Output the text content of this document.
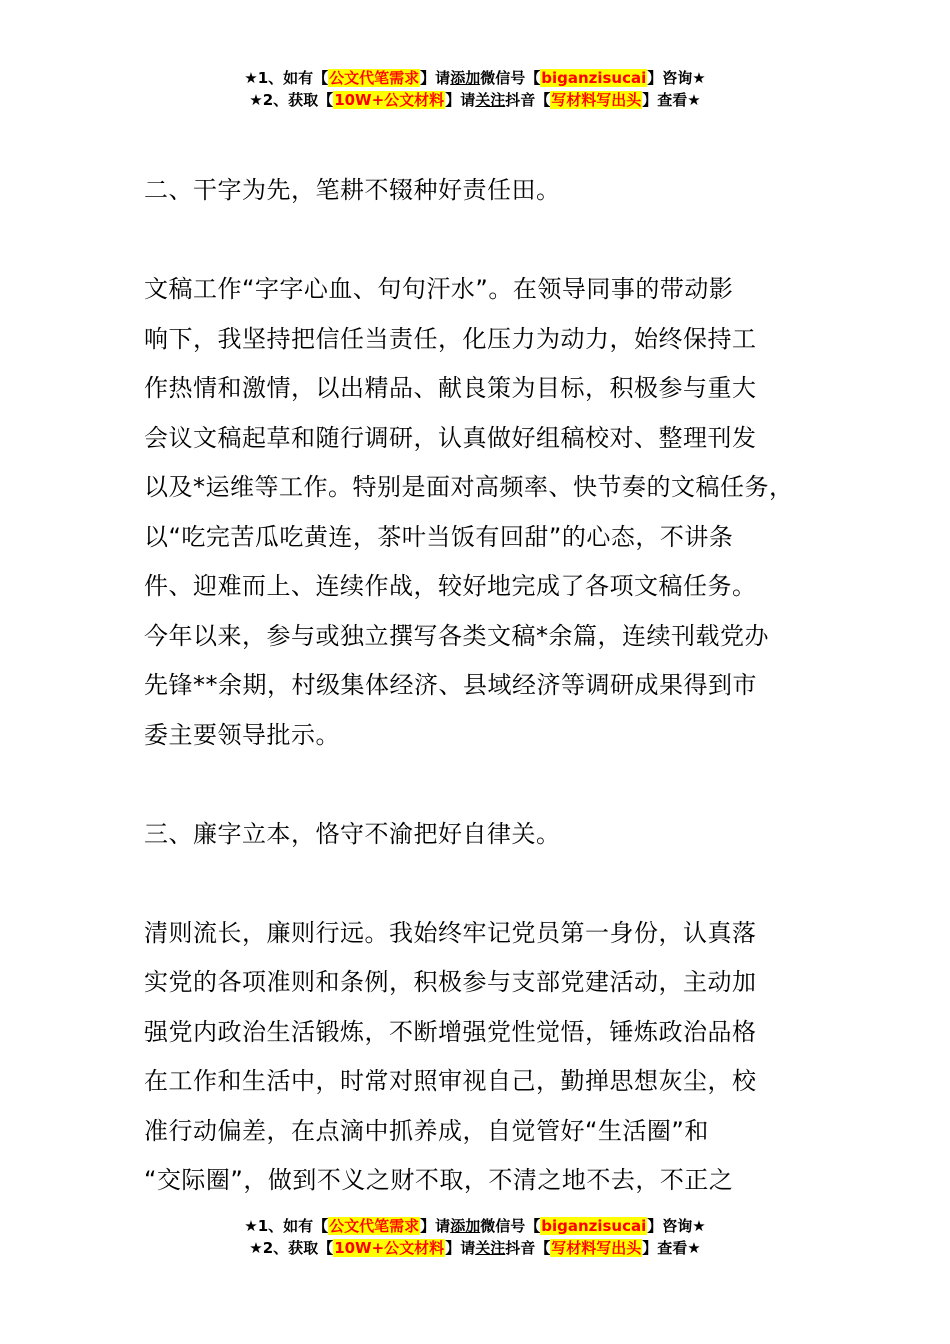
★1、如有【公文代笔需求】请添加微信号【biganzisucai】咨询★
★2、获取【10W+公文材料】请关注抖音【写材料写出头】查看★

二、干字为先，笔耕不辍种好责任田。

文稿工作“字字心血、句句汗水”。在领导同事的带动影
响下，我坚持把信任当责任，化压力为动力，始终保持工
作热情和激情，以出精品、献良策为目标，积极参与重大
会议文稿起草和随行调研，认真做好组稿校对、整理刊发
以及*运维等工作。特别是面对高频率、快节奏的文稿任务，
以“吃完苦瓜吃黄连，茶叶当饭有回甜”的心态，不讲条
件、迎难而上、连续作战，较好地完成了各项文稿任务。
今年以来，参与或独立撰写各类文稿*余篇，连续刊载党办
先锋**余期，村级集体经济、县域经济等调研成果得到市
委主要领导批示。

三、廉字立本，恪守不渝把好自律关。

清则流长，廉则行远。我始终牢记党员第一身份，认真落
实党的各项准则和条例，积极参与支部党建活动，主动加
强党内政治生活锻炼，不断增强党性觉悟，锤炼政治品格
在工作和生活中，时常对照审视自己，勤掸思想灰尘，校
准行动偏差，在点滴中抓养成，自觉管好“生活圈”和
“交际圈”，做到不义之财不取，不清之地不去，不正之

★1、如有【公文代笔需求】请添加微信号【biganzisucai】咨询★
★2、获取【10W+公文材料】请关注抖音【写材料写出头】查看★
